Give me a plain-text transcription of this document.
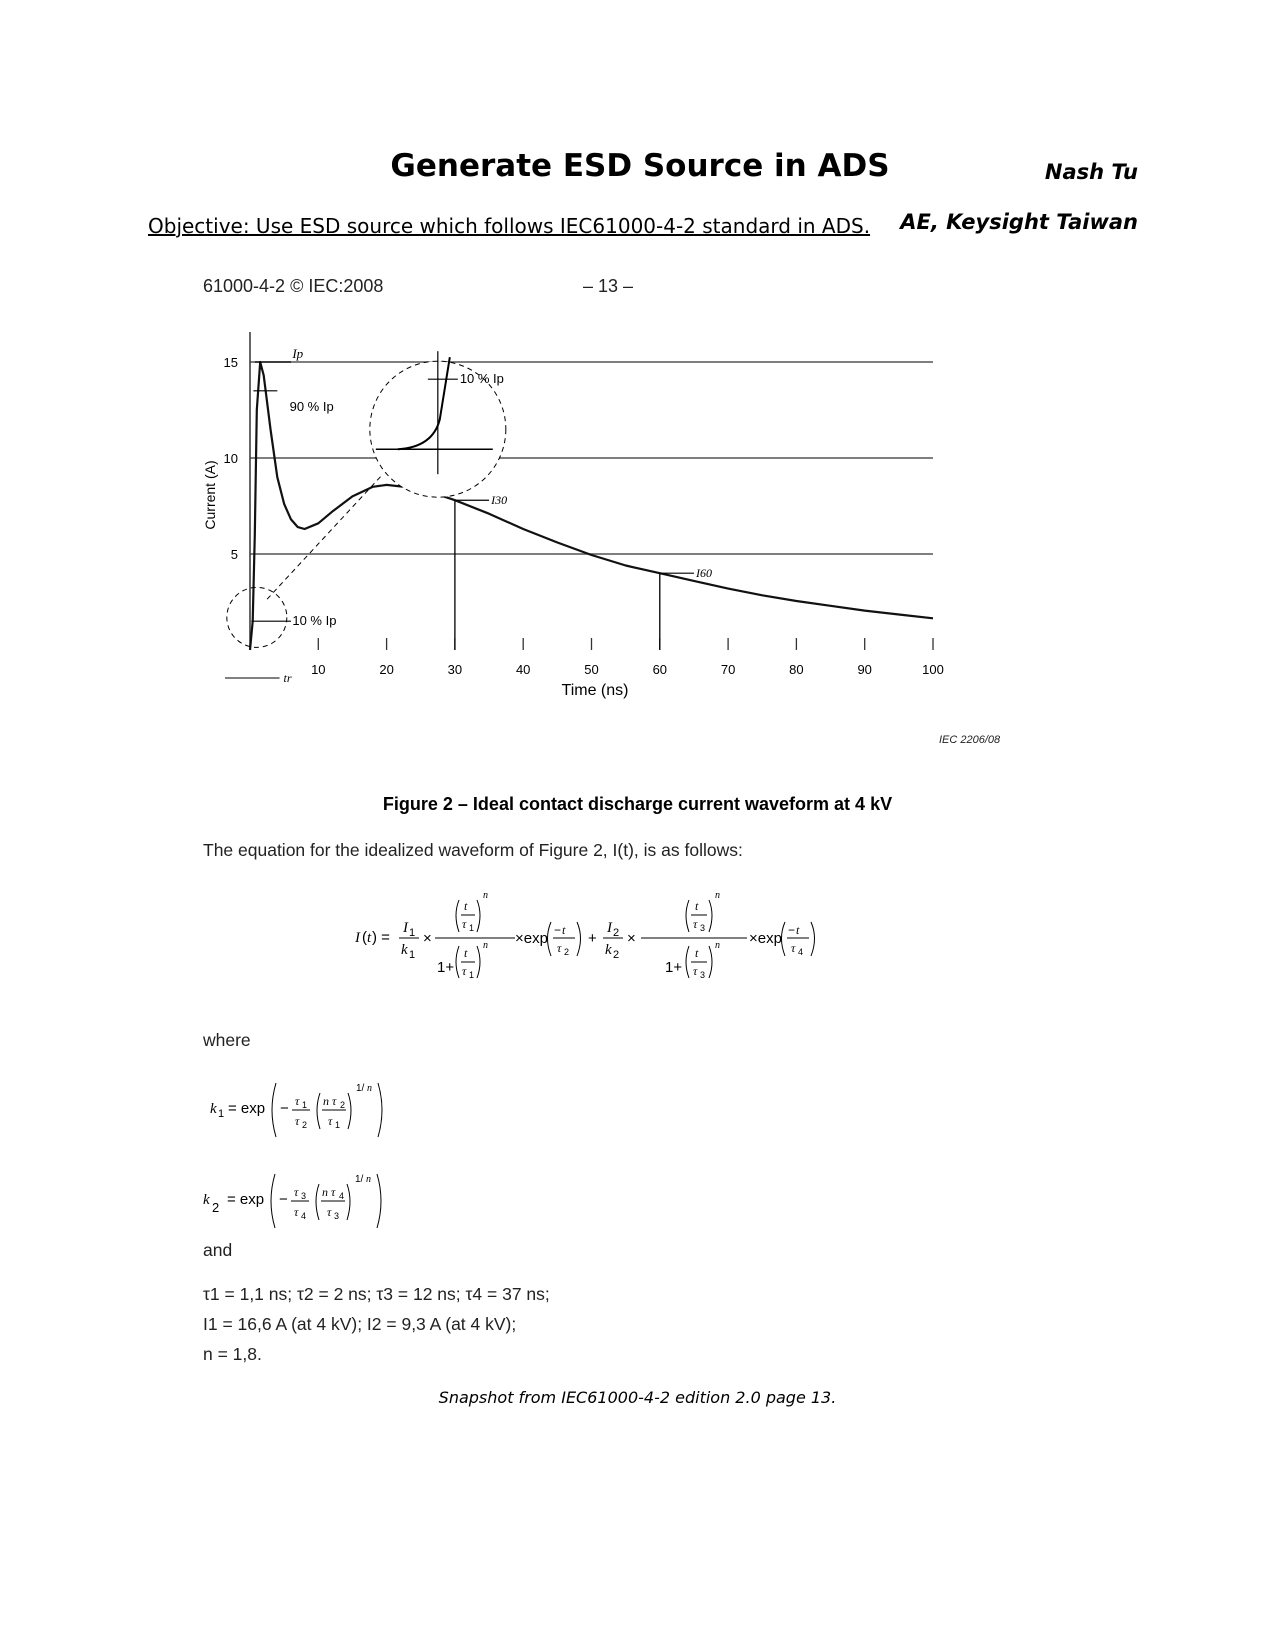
Generate ESD Source in ADS	Nash Tu
AE, Keysight Taiwan
Objective: Use ESD source which follows IEC61000-4-2 standard in ADS.
61000-4-2 © IEC:2008	– 13 –
5
10
15
10	20	30	40	50	60	70	80	90	100
Ip
90 % Ip
10 % Ip
10 % Ip
I30
I60
tr
Time (ns)
Current (A)
IEC 2206/08
Figure 2 – Ideal contact discharge current waveform at 4 kV
The equation for the idealized waveform of Figure 2, I(t), is as follows:
I ( t ) =
I 1
k 1
×
t
τ 1
n
1+
t
τ 1
n ×exp − t
τ 2
+
I 2
k 2
×
t
τ 3
n
1+
t
τ 3
n ×exp − t
τ 4
where
k 1 = exp − τ 1
τ 2
n τ 2
τ 1
1/ n
k 2 = exp − τ 3
τ 4
n τ 4
τ 3
1/ n
and
τ1 = 1,1 ns; τ2 = 2 ns; τ3 = 12 ns; τ4 = 37 ns;
I1 = 16,6 A (at 4 kV); I2 = 9,3 A (at 4 kV);
n = 1,8.
Snapshot from IEC61000-4-2 edition 2.0 page 13.
